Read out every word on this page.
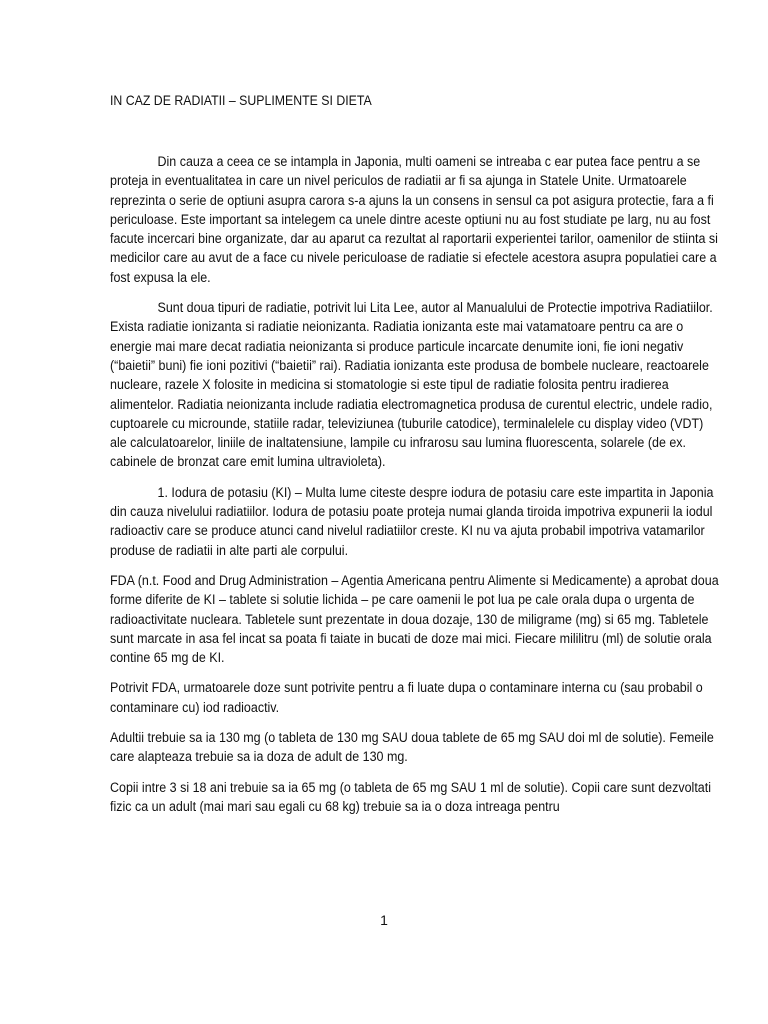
IN CAZ DE RADIATII – SUPLIMENTE SI DIETA

Din cauza a ceea ce se intampla in Japonia, multi oameni se intreaba c ear putea face pentru a se proteja in eventualitatea in care un nivel periculos de radiatii ar fi sa ajunga in Statele Unite. Urmatoarele reprezinta o serie de optiuni asupra carora s-a ajuns la un consens in sensul ca pot asigura protectie, fara a fi periculoase. Este important sa intelegem ca unele dintre aceste optiuni nu au fost studiate pe larg, nu au fost facute incercari bine organizate, dar au aparut ca rezultat al raportarii experientei tarilor, oamenilor de stiinta si medicilor care au avut de a face cu nivele periculoase de radiatie si efectele acestora asupra populatiei care a fost expusa la ele.

Sunt doua tipuri de radiatie, potrivit lui Lita Lee, autor al Manualului de Protectie impotriva Radiatiilor. Exista radiatie ionizanta si radiatie neionizanta. Radiatia ionizanta este mai vatamatoare pentru ca are o energie mai mare decat radiatia neionizanta si produce particule incarcate denumite ioni, fie ioni negativ (“baietii” buni) fie ioni pozitivi (“baietii” rai). Radiatia ionizanta este produsa de bombele nucleare, reactoarele nucleare, razele X folosite in medicina si stomatologie si este tipul de radiatie folosita pentru iradierea alimentelor. Radiatia neionizanta include radiatia electromagnetica produsa de curentul electric, undele radio, cuptoarele cu microunde, statiile radar, televiziunea (tuburile catodice), terminalelele cu display video (VDT) ale calculatoarelor, liniile de inaltatensiune, lampile cu infrarosu sau lumina fluorescenta, solarele (de ex. cabinele de bronzat care emit lumina ultravioleta).

1. Iodura de potasiu (KI) – Multa lume citeste despre iodura de potasiu care este impartita in Japonia din cauza nivelului radiatiilor. Iodura de potasiu poate proteja numai glanda tiroida impotriva expunerii la iodul radioactiv care se produce atunci cand nivelul radiatiilor creste. KI nu va ajuta probabil impotriva vatamarilor produse de radiatii in alte parti ale corpului.

FDA (n.t. Food and Drug Administration – Agentia Americana pentru Alimente si Medicamente) a aprobat doua forme diferite de KI – tablete si solutie lichida – pe care oamenii le pot lua pe cale orala dupa o urgenta de radioactivitate nucleara. Tabletele sunt prezentate in doua dozaje, 130 de miligrame (mg) si 65 mg. Tabletele sunt marcate in asa fel incat sa poata fi taiate in bucati de doze mai mici. Fiecare mililitru (ml) de solutie orala contine 65 mg de KI.

Potrivit FDA, urmatoarele doze sunt potrivite pentru a fi luate dupa o contaminare interna cu (sau probabil o contaminare cu) iod radioactiv.

Adultii trebuie sa ia 130 mg (o tableta de 130 mg SAU doua tablete de 65 mg SAU doi ml de solutie). Femeile care alapteaza trebuie sa ia doza de adult de 130 mg.

Copii intre 3 si 18 ani trebuie sa ia 65 mg (o tableta de 65 mg SAU 1 ml de solutie). Copii care sunt dezvoltati fizic ca un adult (mai mari sau egali cu 68 kg) trebuie sa ia o doza intreaga pentru

1
